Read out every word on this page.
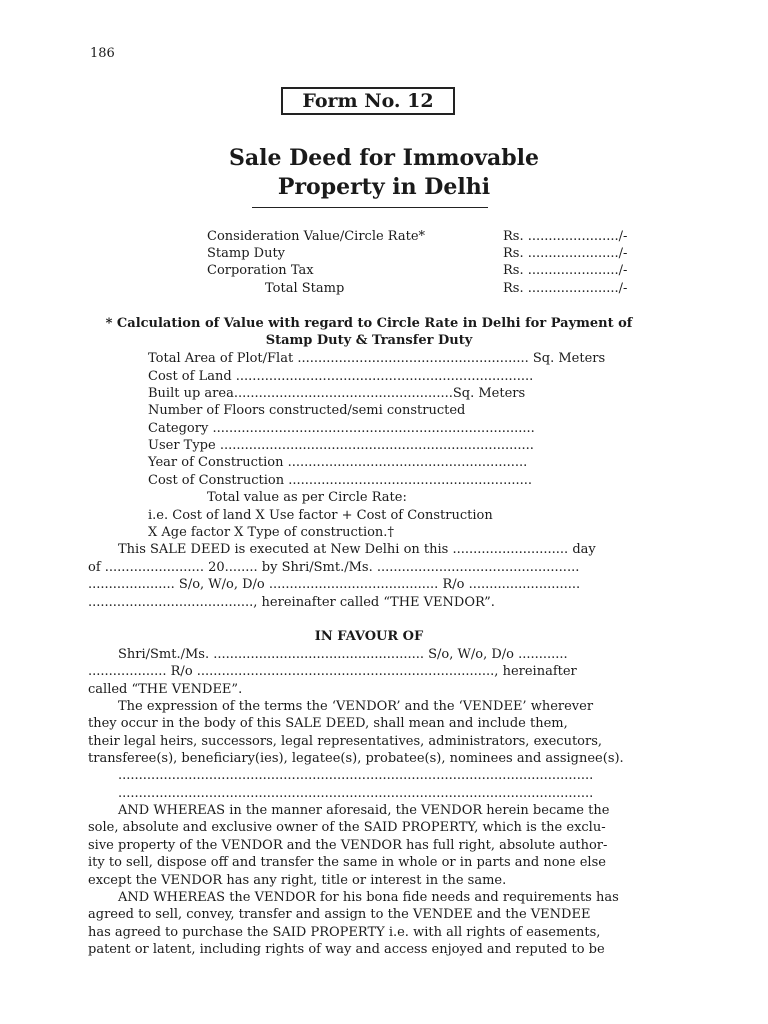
186
Form No. 12
Sale Deed for Immovable
Property in Delhi
Consideration Value/Circle Rate*	Rs. ....................../-
Stamp Duty	Rs. ....................../-
Corporation Tax	Rs. ....................../-
Total Stamp	Rs. ....................../-
* Calculation of Value with regard to Circle Rate in Delhi for Payment of
Stamp Duty & Transfer Duty
Total Area of Plot/Flat ........................................................ Sq. Meters
Cost of Land ........................................................................
Built up area.....................................................Sq. Meters
Number of Floors constructed/semi constructed
Category ..............................................................................
User Type ............................................................................
Year of Construction ..........................................................
Cost of Construction ...........................................................
Total value as per Circle Rate:
i.e. Cost of land X Use factor + Cost of Construction
X Age factor X Type of construction.†
This SALE DEED is executed at New Delhi on this ............................ day
of ........................ 20........ by Shri/Smt./Ms. .................................................
..................... S/o, W/o, D/o ......................................... R/o ...........................
........................................, hereinafter called “THE VENDOR”.
IN FAVOUR OF
Shri/Smt./Ms. ................................................... S/o, W/o, D/o ............
................... R/o ........................................................................, hereinafter
called “THE VENDEE”.
The expression of the terms the ‘VENDOR’ and the ‘VENDEE’ wherever
they occur in the body of this SALE DEED, shall mean and include them,
their legal heirs, successors, legal representatives, administrators, executors,
transferee(s), beneficiary(ies), legatee(s), probatee(s), nominees and assignee(s).
...................................................................................................................
...................................................................................................................
AND WHEREAS in the manner aforesaid, the VENDOR herein became the
sole, absolute and exclusive owner of the SAID PROPERTY, which is the exclu-
sive property of the VENDOR and the VENDOR has full right, absolute author-
ity to sell, dispose off and transfer the same in whole or in parts and none else
except the VENDOR has any right, title or interest in the same.
AND WHEREAS the VENDOR for his bona fide needs and requirements has
agreed to sell, convey, transfer and assign to the VENDEE and the VENDEE
has agreed to purchase the SAID PROPERTY i.e. with all rights of easements,
patent or latent, including rights of way and access enjoyed and reputed to be
